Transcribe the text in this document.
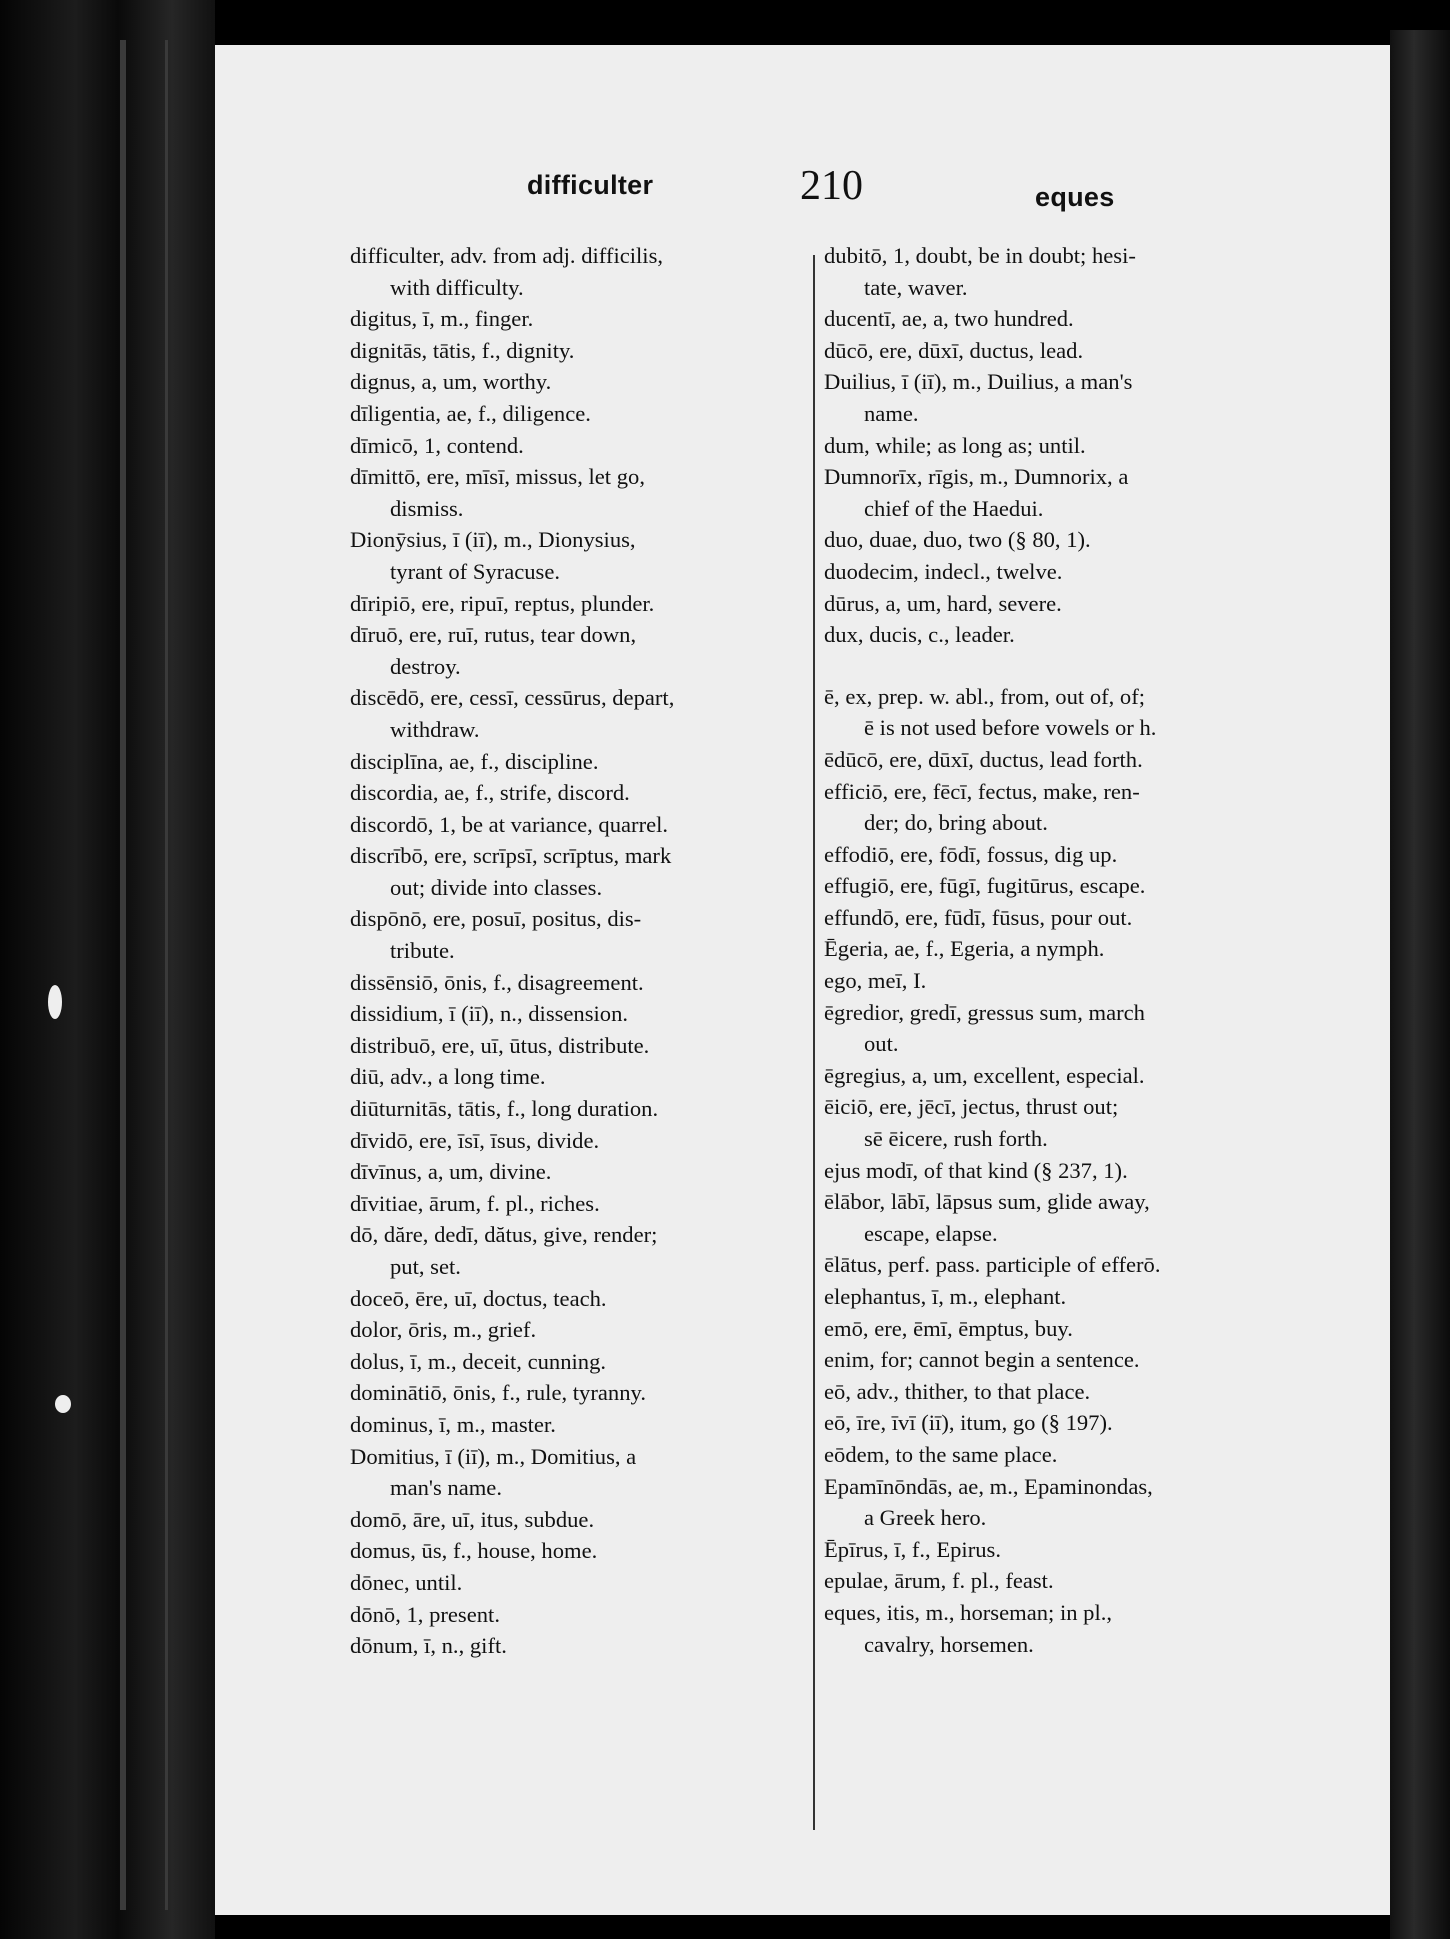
difficulter	210	eques
difficulter, adv. from adj. difficilis,
with difficulty.
digitus, ī, m., finger.
dignitās, tātis, f., dignity.
dignus, a, um, worthy.
dīligentia, ae, f., diligence.
dīmicō, 1, contend.
dīmittō, ere, mīsī, missus, let go,
dismiss.
Dionȳsius, ī (iī), m., Dionysius,
tyrant of Syracuse.
dīripiō, ere, ripuī, reptus, plunder.
dīruō, ere, ruī, rutus, tear down,
destroy.
discēdō, ere, cessī, cessūrus, depart,
withdraw.
disciplīna, ae, f., discipline.
discordia, ae, f., strife, discord.
discordō, 1, be at variance, quarrel.
discrībō, ere, scrīpsī, scrīptus, mark
out; divide into classes.
dispōnō, ere, posuī, positus, dis-
tribute.
dissēnsiō, ōnis, f., disagreement.
dissidium, ī (iī), n., dissension.
distribuō, ere, uī, ūtus, distribute.
diū, adv., a long time.
diūturnitās, tātis, f., long duration.
dīvidō, ere, īsī, īsus, divide.
dīvīnus, a, um, divine.
dīvitiae, ārum, f. pl., riches.
dō, dăre, dedī, dătus, give, render;
put, set.
doceō, ēre, uī, doctus, teach.
dolor, ōris, m., grief.
dolus, ī, m., deceit, cunning.
dominātiō, ōnis, f., rule, tyranny.
dominus, ī, m., master.
Domitius, ī (iī), m., Domitius, a
man's name.
domō, āre, uī, itus, subdue.
domus, ūs, f., house, home.
dōnec, until.
dōnō, 1, present.
dōnum, ī, n., gift.
dubitō, 1, doubt, be in doubt; hesi-
tate, waver.
ducentī, ae, a, two hundred.
dūcō, ere, dūxī, ductus, lead.
Duilius, ī (iī), m., Duilius, a man's
name.
dum, while; as long as; until.
Dumnorīx, rīgis, m., Dumnorix, a
chief of the Haedui.
duo, duae, duo, two (§ 80, 1).
duodecim, indecl., twelve.
dūrus, a, um, hard, severe.
dux, ducis, c., leader.
ē, ex, prep. w. abl., from, out of, of;
ē is not used before vowels or h.
ēdūcō, ere, dūxī, ductus, lead forth.
efficiō, ere, fēcī, fectus, make, ren-
der; do, bring about.
effodiō, ere, fōdī, fossus, dig up.
effugiō, ere, fūgī, fugitūrus, escape.
effundō, ere, fūdī, fūsus, pour out.
Ēgeria, ae, f., Egeria, a nymph.
ego, meī, I.
ēgredior, gredī, gressus sum, march
out.
ēgregius, a, um, excellent, especial.
ēiciō, ere, jēcī, jectus, thrust out;
sē ēicere, rush forth.
ejus modī, of that kind (§ 237, 1).
ēlābor, lābī, lāpsus sum, glide away,
escape, elapse.
ēlātus, perf. pass. participle of efferō.
elephantus, ī, m., elephant.
emō, ere, ēmī, ēmptus, buy.
enim, for; cannot begin a sentence.
eō, adv., thither, to that place.
eō, īre, īvī (iī), itum, go (§ 197).
eōdem, to the same place.
Epamīnōndās, ae, m., Epaminondas,
a Greek hero.
Ēpīrus, ī, f., Epirus.
epulae, ārum, f. pl., feast.
eques, itis, m., horseman; in pl.,
cavalry, horsemen.
